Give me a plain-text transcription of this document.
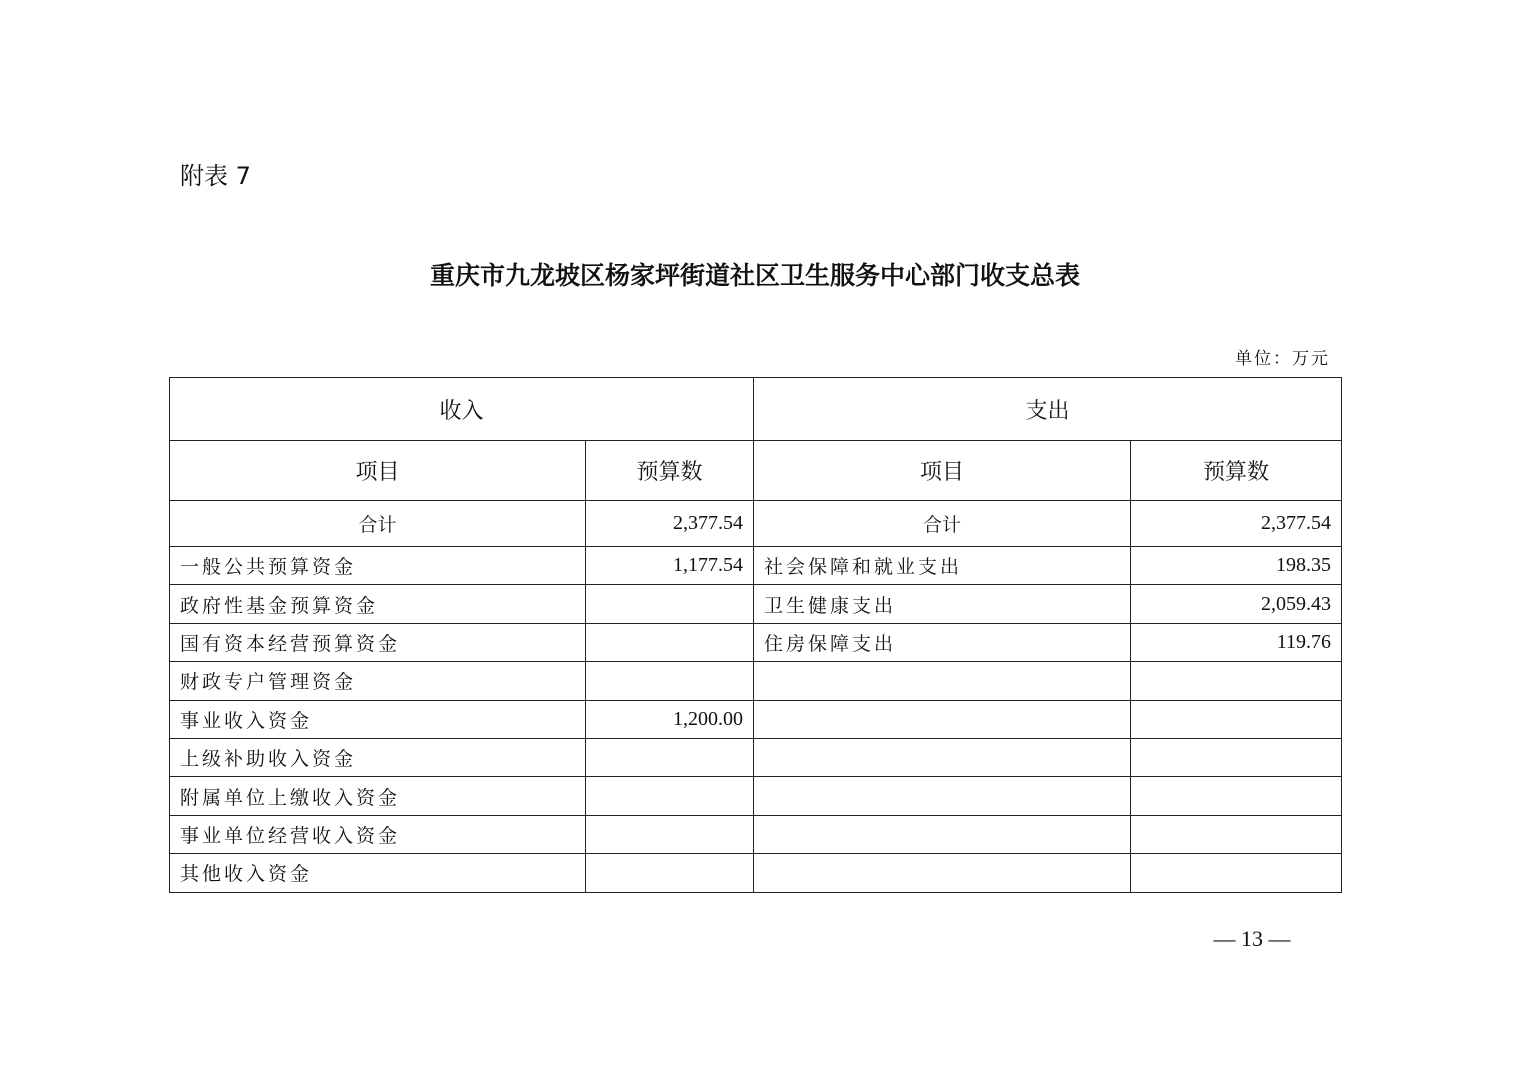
附表 7
重庆市九龙坡区杨家坪街道社区卫生服务中心部门收支总表
单位：万元
收入		支出	
项目	预算数	项目	预算数
合计	2,377.54	合计	2,377.54
一般公共预算资金	1,177.54	社会保障和就业支出	198.35
政府性基金预算资金		卫生健康支出	2,059.43
国有资本经营预算资金		住房保障支出	119.76
财政专户管理资金			
事业收入资金	1,200.00		
上级补助收入资金			
附属单位上缴收入资金			
事业单位经营收入资金			
其他收入资金			
— 13 —
